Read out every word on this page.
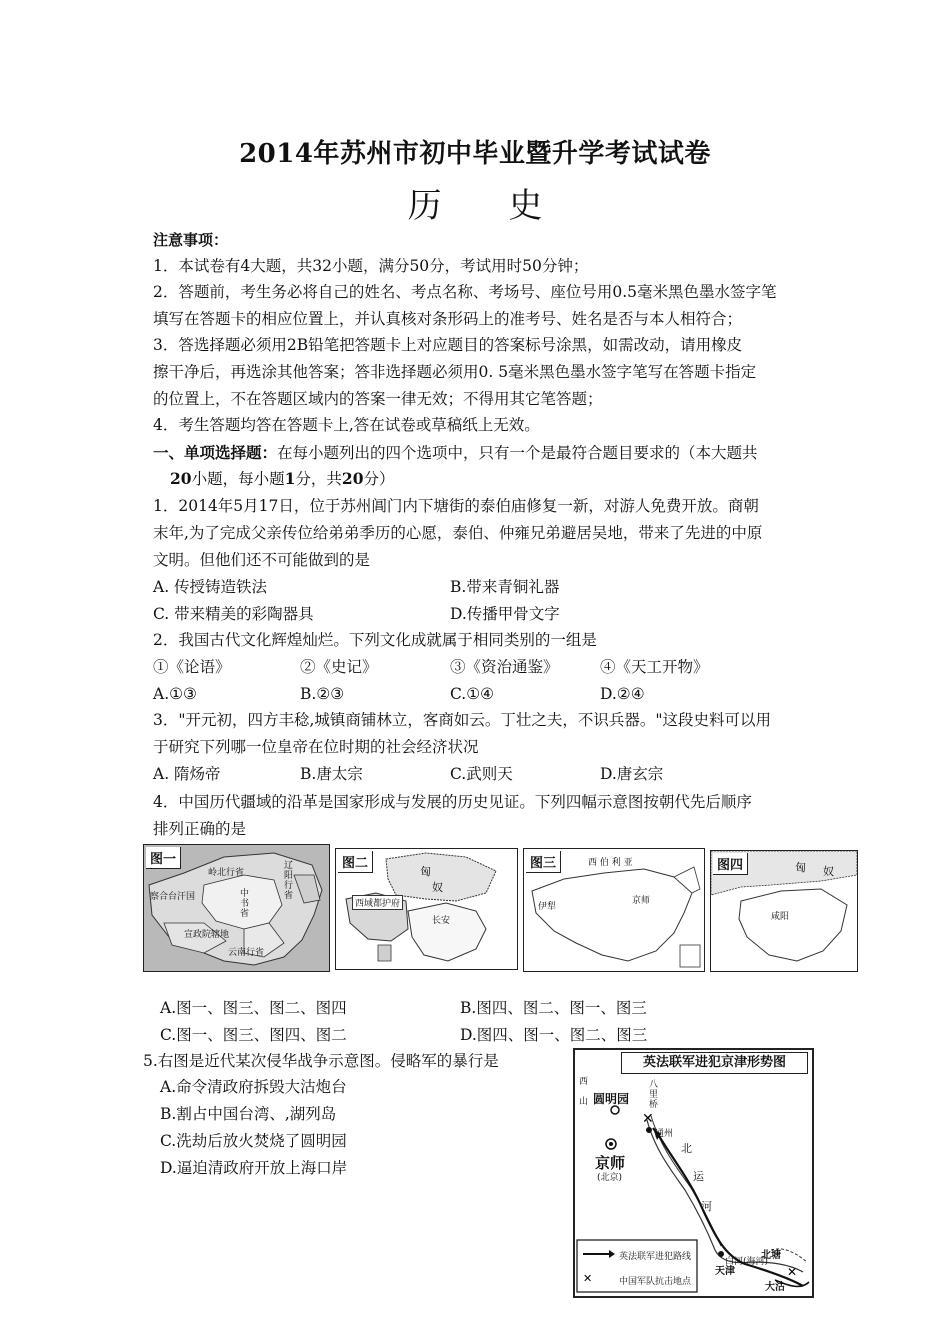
2014年苏州市初中毕业暨升学考试试卷
历 史
注意事项：
1．本试卷有4大题，共32小题，满分50分，考试用时50分钟；
2．答题前，考生务必将自己的姓名、考点名称、考场号、座位号用0.5毫米黑色墨水签字笔
填写在答题卡的相应位置上，并认真核对条形码上的准考号、姓名是否与本人相符合；
3．答选择题必须用2B铅笔把答题卡上对应题目的答案标号涂黑，如需改动，请用橡皮
擦干净后，再选涂其他答案；答非选择题必须用0. 5毫米黑色墨水签字笔写在答题卡指定
的位置上，不在答题区域内的答案一律无效；不得用其它笔答题；
4．考生答题均答在答题卡上,答在试卷或草稿纸上无效。
一、单项选择题：在每小题列出的四个选项中，只有一个是最符合题目要求的（本大题共
20小题，每小题1分，共20分）
1．2014年5月17日，位于苏州阊门内下塘街的泰伯庙修复一新，对游人免费开放。商朝
末年,为了完成父亲传位给弟弟季历的心愿，泰伯、仲雍兄弟避居吴地，带来了先进的中原
文明。但他们还不可能做到的是
A. 传授铸造铁法	B.带来青铜礼器
C. 带来精美的彩陶器具	D.传播甲骨文字
2．我国古代文化辉煌灿烂。下列文化成就属于相同类别的一组是
①《论语》	②《史记》	③《资治通鉴》	④《天工开物》
A.①③	B.②③	C.①④	D.②④
3．"开元初，四方丰稔,城镇商铺林立，客商如云。丁壮之夫，不识兵器。"这段史料可以用
于研究下列哪一位皇帝在位时期的社会经济状况
A. 隋炀帝	B.唐太宗	C.武则天	D.唐玄宗
4．中国历代疆域的沿革是国家形成与发展的历史见证。下列四幅示意图按朝代先后顺序
排列正确的是
图一
岭北行省
辽阳行省
察合台汗国	中书省
宣政院辖地
云南行省
图二
匈
奴
西域都护府
长安
图三	西 伯 利 亚
京师
伊犁
图四	匈 奴
咸阳
A.图一、图三、图二、图四	B.图四、图二、图一、图三
C.图一、图三、图四、图二	D.图四、图一、图二、图三
5.右图是近代某次侵华战争示意图。侵略军的暴行是
A.命令清政府拆毁大沽炮台
B.割占中国台湾、,湖列岛
C.洗劫后放火焚烧了圆明园
D.逼迫清政府开放上海口岸
英法联军进犯京津形势图
✕
✕
✕
西
山 圆明园
京师
(北京)
八里桥
通州
北
运
河
白河(海河)
天津
北塘
大沽
英法联军进犯路线
中国军队抗击地点
